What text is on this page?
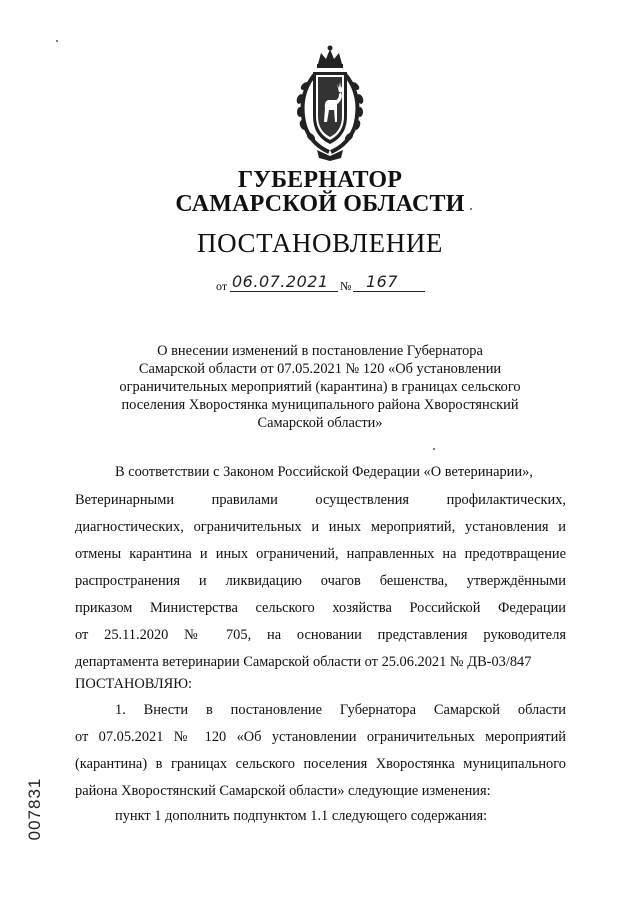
ГУБЕРНАТОР
САМАРСКОЙ ОБЛАСТИ
ПОСТАНОВЛЕНИЕ
от 06.07.2021 № 167
О внесении изменений в постановление Губернатора
Самарской области от 07.05.2021 № 120 «Об установлении
ограничительных мероприятий (карантина) в границах сельского
поселения Хворостянка муниципального района Хворостянский
Самарской области»
В соответствии с Законом Российской Федерации «О ветеринарии»,
Ветеринарными правилами осуществления профилактических,
диагностических, ограничительных и иных мероприятий, установления и
отмены карантина и иных ограничений, направленных на предотвращение
распространения и ликвидацию очагов бешенства, утверждёнными
приказом Министерства сельского хозяйства Российской Федерации
от 25.11.2020 № 705, на основании представления руководителя
департамента ветеринарии Самарской области от 25.06.2021 № ДВ-03/847
ПОСТАНОВЛЯЮ:
1. Внести в постановление Губернатора Самарской области
от 07.05.2021 № 120 «Об установлении ограничительных мероприятий
(карантина) в границах сельского поселения Хворостянка муниципального
района Хворостянский Самарской области» следующие изменения:
пункт 1 дополнить подпунктом 1.1 следующего содержания:
007831
